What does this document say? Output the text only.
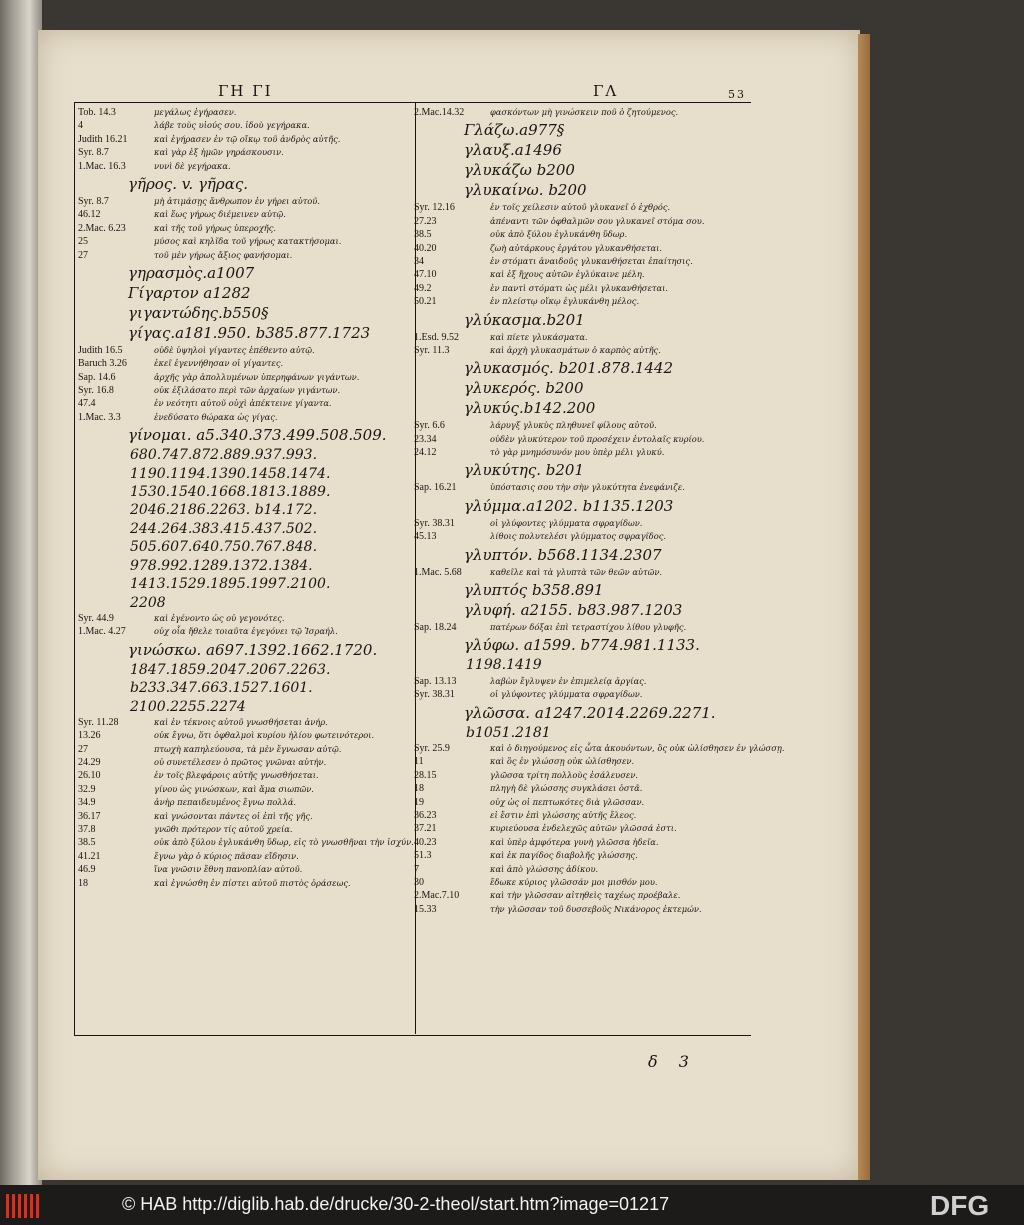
ΓΗ ΓΙ	ΓΛ	53
Tob. 14.3	μεγάλως ἐγήρασεν.
4	λάβε τοὺς υἱούς σου. ἰδοὺ γεγήρακα.
Judith 16.21	καὶ ἐγήρασεν ἐν τῷ οἴκῳ τοῦ ἀνδρὸς αὐτῆς.
Syr. 8.7	καὶ γὰρ ἐξ ἡμῶν γηράσκουσιν.
1.Mac. 16.3	νυνὶ δὲ γεγήρακα.
γῆρος. v. γῆρας.
Syr. 8.7	μὴ ἀτιμάσῃς ἄνθρωπον ἐν γήρει αὐτοῦ.
46.12	καὶ ἕως γήρως διέμεινεν αὐτῷ.
2.Mac. 6.23	καὶ τῆς τοῦ γήρως ὑπεροχῆς.
25	μύσος καὶ κηλῖδα τοῦ γήρως κατακτήσομαι.
27	τοῦ μὲν γήρως ἄξιος φανήσομαι.
γηρασμὸς.a1007
Γίγαρτον a1282
γιγαντώδης.b550§
γίγας.a181.950. b385.877.1723
Judith 16.5	οὐδὲ ὑψηλοὶ γίγαντες ἐπέθεντο αὐτῷ.
Baruch 3.26	ἐκεῖ ἐγεννήθησαν οἱ γίγαντες.
Sap. 14.6	ἀρχῆς γὰρ ἀπολλυμένων ὑπερηφάνων γιγάντων.
Syr. 16.8	οὐκ ἐξιλάσατο περὶ τῶν ἀρχαίων γιγάντων.
47.4	ἐν νεότητι αὐτοῦ οὐχὶ ἀπέκτεινε γίγαντα.
1.Mac. 3.3	ἐνεδύσατο θώρακα ὡς γίγας.
γίνομαι. a5.340.373.499.508.509.
680.747.872.889.937.993.
1190.1194.1390.1458.1474.
1530.1540.1668.1813.1889.
2046.2186.2263. b14.172.
244.264.383.415.437.502.
505.607.640.750.767.848.
978.992.1289.1372.1384.
1413.1529.1895.1997.2100.
2208
Syr. 44.9	καὶ ἐγένοντο ὡς οὐ γεγονότες.
1.Mac. 4.27	οὐχ οἷα ἤθελε τοιαῦτα ἐγεγόνει τῷ Ἰσραήλ.
γινώσκω. a697.1392.1662.1720.
1847.1859.2047.2067.2263.
b233.347.663.1527.1601.
2100.2255.2274
Syr. 11.28	καὶ ἐν τέκνοις αὐτοῦ γνωσθήσεται ἀνήρ.
13.26	οὐκ ἔγνω, ὅτι ὀφθαλμοὶ κυρίου ἡλίου φωτεινότεροι.
27	πτωχὴ καπηλεύουσα, τὰ μὲν ἔγνωσαν αὐτῷ.
24.29	οὐ συνετέλεσεν ὁ πρῶτος γνῶναι αὐτήν.
26.10	ἐν τοῖς βλεφάροις αὐτῆς γνωσθήσεται.
32.9	γίνου ὡς γινώσκων, καὶ ἅμα σιωπῶν.
34.9	ἀνὴρ πεπαιδευμένος ἔγνω πολλά.
36.17	καὶ γνώσονται πάντες οἱ ἐπὶ τῆς γῆς.
37.8	γνῶθι πρότερον τίς αὐτοῦ χρεία.
38.5	οὐκ ἀπὸ ξύλου ἐγλυκάνθη ὕδωρ, εἰς τὸ γνωσθῆναι τὴν ἰσχύν.
41.21	ἔγνω γὰρ ὁ κύριος πᾶσαν εἴδησιν.
46.9	ἵνα γνῶσιν ἔθνη πανοπλίαν αὐτοῦ.
18	καὶ ἐγνώσθη ἐν πίστει αὐτοῦ πιστὸς ὁράσεως.
2.Mac.14.32	φασκόντων μὴ γινώσκειν ποῦ ὁ ζητούμενος.
Γλάζω.a977§
γλαυξ.a1496
γλυκάζω b200
γλυκαίνω. b200
Syr. 12.16	ἐν τοῖς χείλεσιν αὐτοῦ γλυκανεῖ ὁ ἐχθρός.
27.23	ἀπέναντι τῶν ὀφθαλμῶν σου γλυκανεῖ στόμα σου.
38.5	οὐκ ἀπὸ ξύλου ἐγλυκάνθη ὕδωρ.
40.20	ζωὴ αὐτάρκους ἐργάτου γλυκανθήσεται.
34	ἐν στόματι ἀναιδοῦς γλυκανθήσεται ἐπαίτησις.
47.10	καὶ ἐξ ἤχους αὐτῶν ἐγλύκαινε μέλη.
49.2	ἐν παντὶ στόματι ὡς μέλι γλυκανθήσεται.
50.21	ἐν πλείστῳ οἴκῳ ἐγλυκάνθη μέλος.
γλύκασμα.b201
1.Esd. 9.52	καὶ πίετε γλυκάσματα.
Syr. 11.3	καὶ ἀρχὴ γλυκασμάτων ὁ καρπὸς αὐτῆς.
γλυκασμός. b201.878.1442
γλυκερός. b200
γλυκύς.b142.200
Syr. 6.6	λάρυγξ γλυκὺς πληθυνεῖ φίλους αὐτοῦ.
23.34	οὐδὲν γλυκύτερον τοῦ προσέχειν ἐντολαῖς κυρίου.
24.12	τὸ γὰρ μνημόσυνόν μου ὑπὲρ μέλι γλυκύ.
γλυκύτης. b201
Sap. 16.21	ὑπόστασις σου τὴν σὴν γλυκύτητα ἐνεφάνιζε.
γλύμμα.a1202. b1135.1203
Syr. 38.31	οἱ γλύφοντες γλύμματα σφραγίδων.
45.13	λίθοις πολυτελέσι γλύμματος σφραγῖδος.
γλυπτόν. b568.1134.2307
1.Mac. 5.68	καθεῖλε καὶ τὰ γλυπτὰ τῶν θεῶν αὐτῶν.
γλυπτός b358.891
γλυφή. a2155. b83.987.1203
Sap. 18.24	πατέρων δόξαι ἐπὶ τετραστίχου λίθου γλυφῆς.
γλύφω. a1599. b774.981.1133.
1198.1419
Sap. 13.13	λαβὼν ἔγλυψεν ἐν ἐπιμελείᾳ ἀργίας.
Syr. 38.31	οἱ γλύφοντες γλύμματα σφραγίδων.
γλῶσσα. a1247.2014.2269.2271.
b1051.2181
Syr. 25.9	καὶ ὁ διηγούμενος εἰς ὦτα ἀκουόντων, ὃς οὐκ ὠλίσθησεν ἐν γλώσσῃ.
11	καὶ ὃς ἐν γλώσσῃ οὐκ ὠλίσθησεν.
28.15	γλῶσσα τρίτη πολλοὺς ἐσάλευσεν.
18	πληγὴ δὲ γλώσσης συγκλάσει ὀστᾶ.
19	οὐχ ὡς οἱ πεπτωκότες διὰ γλῶσσαν.
36.23	εἰ ἔστιν ἐπὶ γλώσσης αὐτῆς ἔλεος.
37.21	κυριεύουσα ἐνδελεχῶς αὐτῶν γλῶσσά ἐστι.
40.23	καὶ ὑπὲρ ἀμφότερα γυνὴ γλῶσσα ἡδεῖα.
51.3	καὶ ἐκ παγίδος διαβολῆς γλώσσης.
7	καὶ ἀπὸ γλώσσης ἀδίκου.
30	ἔδωκε κύριος γλῶσσάν μοι μισθόν μου.
2.Mac.7.10	καὶ τὴν γλῶσσαν αἰτηθεὶς ταχέως προέβαλε.
15.33	τὴν γλῶσσαν τοῦ δυσσεβοῦς Νικάνορος ἐκτεμών.
δ 3
© HAB http://diglib.hab.de/drucke/30-2-theol/start.htm?image=01217	DFG
